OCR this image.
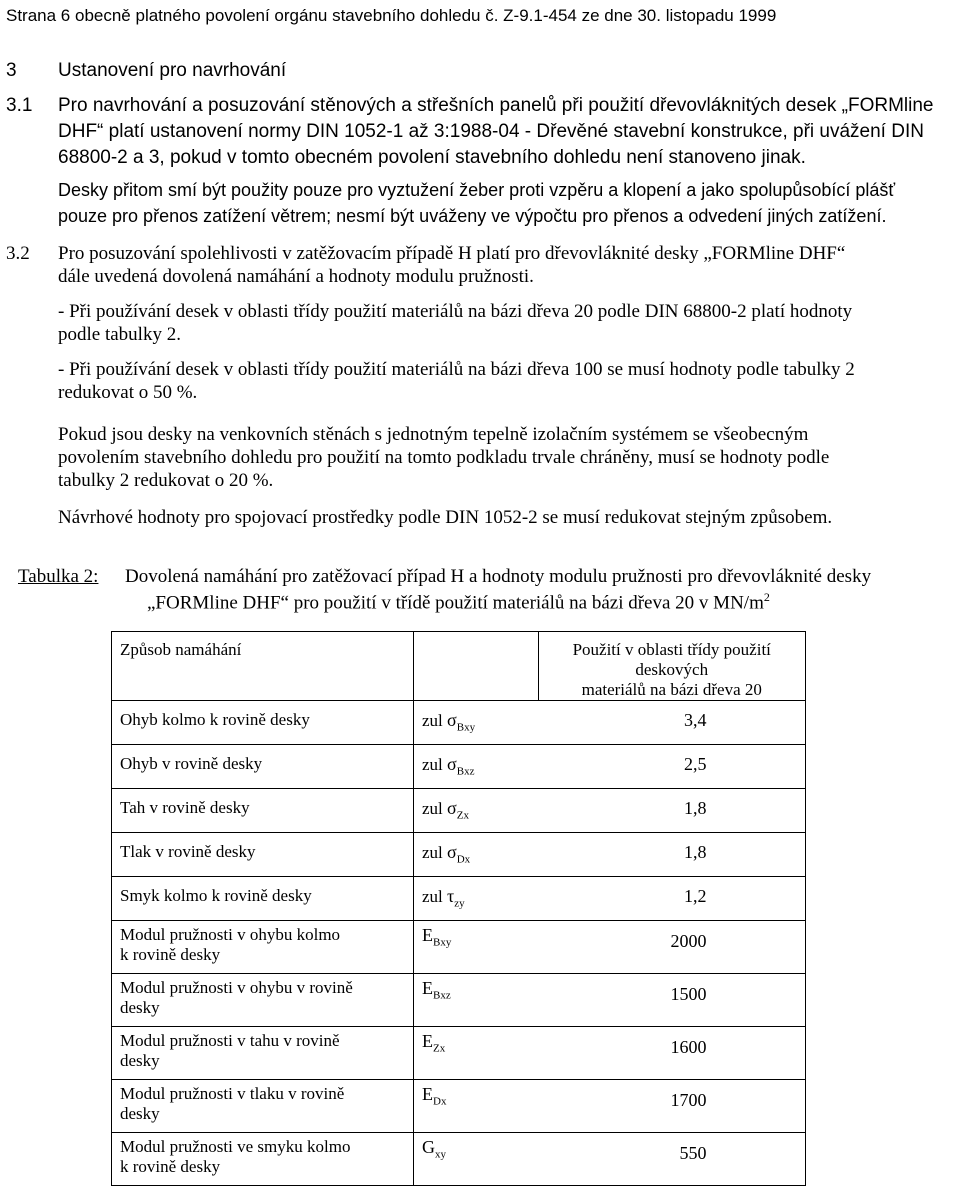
Strana 6 obecně platného povolení orgánu stavebního dohledu č. Z-9.1-454 ze dne 30. listopadu 1999
3 Ustanovení pro navrhování
3.1 Pro navrhování a posuzování stěnových a střešních panelů při použití dřevovláknitých desek „FORMline
DHF“ platí ustanovení normy DIN 1052-1 až 3:1988-04 - Dřevěné stavební konstrukce, při uvážení DIN
68800-2 a 3, pokud v tomto obecném povolení stavebního dohledu není stanoveno jinak.
Desky přitom smí být použity pouze pro vyztužení žeber proti vzpěru a klopení a jako spolupůsobící plášť
pouze pro přenos zatížení větrem; nesmí být uváženy ve výpočtu pro přenos a odvedení jiných zatížení.
3.2 Pro posuzování spolehlivosti v zatěžovacím případě H platí pro dřevovláknité desky „FORMline DHF“
dále uvedená dovolená namáhání a hodnoty modulu pružnosti.
- Při používání desek v oblasti třídy použití materiálů na bázi dřeva 20 podle DIN 68800-2 platí hodnoty
podle tabulky 2.
- Při používání desek v oblasti třídy použití materiálů na bázi dřeva 100 se musí hodnoty podle tabulky 2
redukovat o 50 %.
Pokud jsou desky na venkovních stěnách s jednotným tepelně izolačním systémem se všeobecným
povolením stavebního dohledu pro použití na tomto podkladu trvale chráněny, musí se hodnoty podle
tabulky 2 redukovat o 20 %.
Návrhové hodnoty pro spojovací prostředky podle DIN 1052-2 se musí redukovat stejným způsobem.
Tabulka 2: Dovolená namáhání pro zatěžovací případ H a hodnoty modulu pružnosti pro dřevovláknité desky
„FORMline DHF“ pro použití v třídě použití materiálů na bázi dřeva 20 v $MN/m^2$
Způsob namáhání		Použití v oblasti třídy použití deskových
materiálů na bázi dřeva 20

Ohyb kolmo k rovině desky	zul $\sigma_{Bxy}$	3,4
Ohyb v rovině desky	zul $\sigma_{Bxz}$	2,5
Tah v rovině desky	zul $\sigma_{Zx}$	1,8
Tlak v rovině desky	zul $\sigma_{Dx}$	1,8
Smyk kolmo k rovině desky	zul $\tau_{zy}$	1,2

Modul pružnosti v ohybu kolmo
k rovině desky	$E_{Bxy}$	2000

Modul pružnosti v ohybu v rovině
desky	$E_{Bxz}$	1500

Modul pružnosti v tahu v rovině
desky	$E_{Zx}$	1600

Modul pružnosti v tlaku v rovině
desky	$E_{Dx}$	1700

Modul pružnosti ve smyku kolmo
k rovině desky	$G_{xy}$	550
